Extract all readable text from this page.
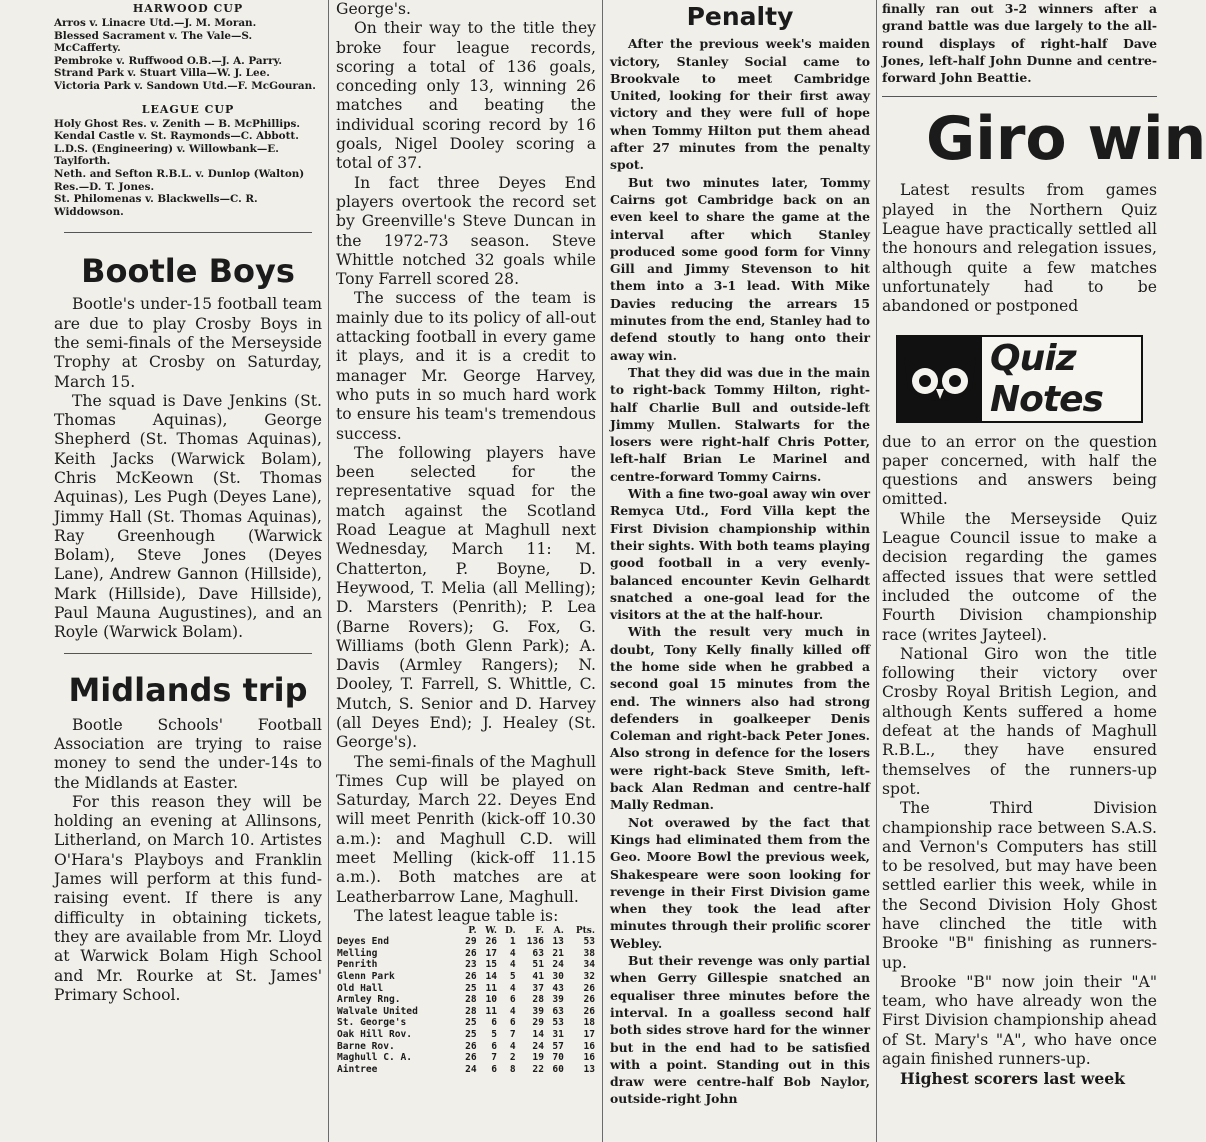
HARWOOD CUP
Arros v. Linacre Utd.—J. M. Moran.
Blessed Sacrament v. The Vale—S. McCafferty.
Pembroke v. Ruffwood O.B.—J. A. Parry.
Strand Park v. Stuart Villa—W. J. Lee.
Victoria Park v. Sandown Utd.—F. McGouran.
LEAGUE CUP
Holy Ghost Res. v. Zenith — B. McPhillips.
Kendal Castle v. St. Raymonds—C. Abbott.
L.D.S. (Engineering) v. Willowbank—E. Taylforth.
Neth. and Sefton R.B.L. v. Dunlop (Walton) Res.—D. T. Jones.
St. Philomenas v. Blackwells—C. R. Widdowson.
Bootle Boys

Bootle's under-15 football team are due to play Crosby Boys in the semi-finals of the Merseyside Trophy at Crosby on Saturday, March 15.

The squad is Dave Jenkins (St. Thomas Aquinas), George Shepherd (St. Thomas Aquinas), Keith Jacks (Warwick Bolam), Chris McKeown (St. Thomas Aquinas), Les Pugh (Deyes Lane), Jimmy Hall (St. Thomas Aquinas), Ray Greenhough (Warwick Bolam), Steve Jones (Deyes Lane), Andrew Gannon (Hillside), Mark (Hillside), Dave Hillside), Paul Mauna Augustines), and an Royle (Warwick Bolam).

Midlands trip

Bootle Schools' Football Association are trying to raise money to send the under-14s to the Midlands at Easter.

For this reason they will be holding an evening at Allinsons, Litherland, on March 10. Artistes O'Hara's Playboys and Franklin James will perform at this fund-raising event. If there is any difficulty in obtaining tickets, they are available from Mr. Lloyd at Warwick Bolam High School and Mr. Rourke at St. James' Primary School.

George's.

On their way to the title they broke four league records, scoring a total of 136 goals, conceding only 13, winning 26 matches and beating the individual scoring record by 16 goals, Nigel Dooley scoring a total of 37.

In fact three Deyes End players overtook the record set by Greenville's Steve Duncan in the 1972-73 season. Steve Whittle notched 32 goals while Tony Farrell scored 28.

The success of the team is mainly due to its policy of all-out attacking football in every game it plays, and it is a credit to manager Mr. George Harvey, who puts in so much hard work to ensure his team's tremendous success.

The following players have been selected for the representative squad for the match against the Scotland Road League at Maghull next Wednesday, March 11: M. Chatterton, P. Boyne, D. Heywood, T. Melia (all Melling); D. Marsters (Penrith); P. Lea (Barne Rovers); G. Fox, G. Williams (both Glenn Park); A. Davis (Armley Rangers); N. Dooley, T. Farrell, S. Whittle, C. Mutch, S. Senior and D. Harvey (all Deyes End); J. Healey (St. George's).

The semi-finals of the Maghull Times Cup will be played on Saturday, March 22. Deyes End will meet Penrith (kick-off 10.30 a.m.): and Maghull C.D. will meet Melling (kick-off 11.15 a.m.). Both matches are at Leatherbarrow Lane, Maghull.

The latest league table is:

	P.	W.	D.	F.	A.	Pts.
Deyes End	29	26	1	136	13	53
Melling	26	17	4	63	21	38
Penrith	23	15	4	51	24	34
Glenn Park	26	14	5	41	30	32
Old Hall	25	11	4	37	43	26
Armley Rng.	28	10	6	28	39	26
Walvale United	28	11	4	39	63	26
St. George's	25	6	6	29	53	18
Oak Hill Rov.	25	5	7	14	31	17
Barne Rov.	26	6	4	24	57	16
Maghull C. A.	26	7	2	19	70	16
Aintree	24	6	8	22	60	13
Penalty

After the previous week's maiden victory, Stanley Social came to Brookvale to meet Cambridge United, looking for their first away victory and they were full of hope when Tommy Hilton put them ahead after 27 minutes from the penalty spot.

But two minutes later, Tommy Cairns got Cambridge back on an even keel to share the game at the interval after which Stanley produced some good form for Vinny Gill and Jimmy Stevenson to hit them into a 3-1 lead. With Mike Davies reducing the arrears 15 minutes from the end, Stanley had to defend stoutly to hang onto their away win.

That they did was due in the main to right-back Tommy Hilton, right-half Charlie Bull and outside-left Jimmy Mullen. Stalwarts for the losers were right-half Chris Potter, left-half Brian Le Marinel and centre-forward Tommy Cairns.

With a fine two-goal away win over Remyca Utd., Ford Villa kept the First Division championship within their sights. With both teams playing good football in a very evenly-balanced encounter Kevin Gelhardt snatched a one-goal lead for the visitors at the at the half-hour.

With the result very much in doubt, Tony Kelly finally killed off the home side when he grabbed a second goal 15 minutes from the end. The winners also had strong defenders in goalkeeper Denis Coleman and right-back Peter Jones. Also strong in defence for the losers were right-back Steve Smith, left-back Alan Redman and centre-half Mally Redman.

Not overawed by the fact that Kings had eliminated them from the Geo. Moore Bowl the previous week, Shakespeare were soon looking for revenge in their First Division game when they took the lead after minutes through their prolific scorer Webley.

But their revenge was only partial when Gerry Gillespie snatched an equaliser three minutes before the interval. In a goalless second half both sides strove hard for the winner but in the end had to be satisfied with a point. Standing out in this draw were centre-half Bob Naylor, outside-right John

finally ran out 3-2 winners after a grand battle was due largely to the all-round displays of right-half Dave Jones, left-half John Dunne and centre-forward John Beattie.

Giro win

Latest results from games played in the Northern Quiz League have practically settled all the honours and relegation issues, although quite a few matches unfortunately had to be abandoned or postponed

Quiz Notes

due to an error on the question paper concerned, with half the questions and answers being omitted.

While the Merseyside Quiz League Council issue to make a decision regarding the games affected issues that were settled included the outcome of the Fourth Division championship race (writes Jayteel).

National Giro won the title following their victory over Crosby Royal British Legion, and although Kents suffered a home defeat at the hands of Maghull R.B.L., they have ensured themselves of the runners-up spot.

The Third Division championship race between S.A.S. and Vernon's Computers has still to be resolved, but may have been settled earlier this week, while in the Second Division Holy Ghost have clinched the title with Brooke "B" finishing as runners-up.

Brooke "B" now join their "A" team, who have already won the First Division championship ahead of St. Mary's "A", who have once again finished runners-up.

Highest scorers last week
